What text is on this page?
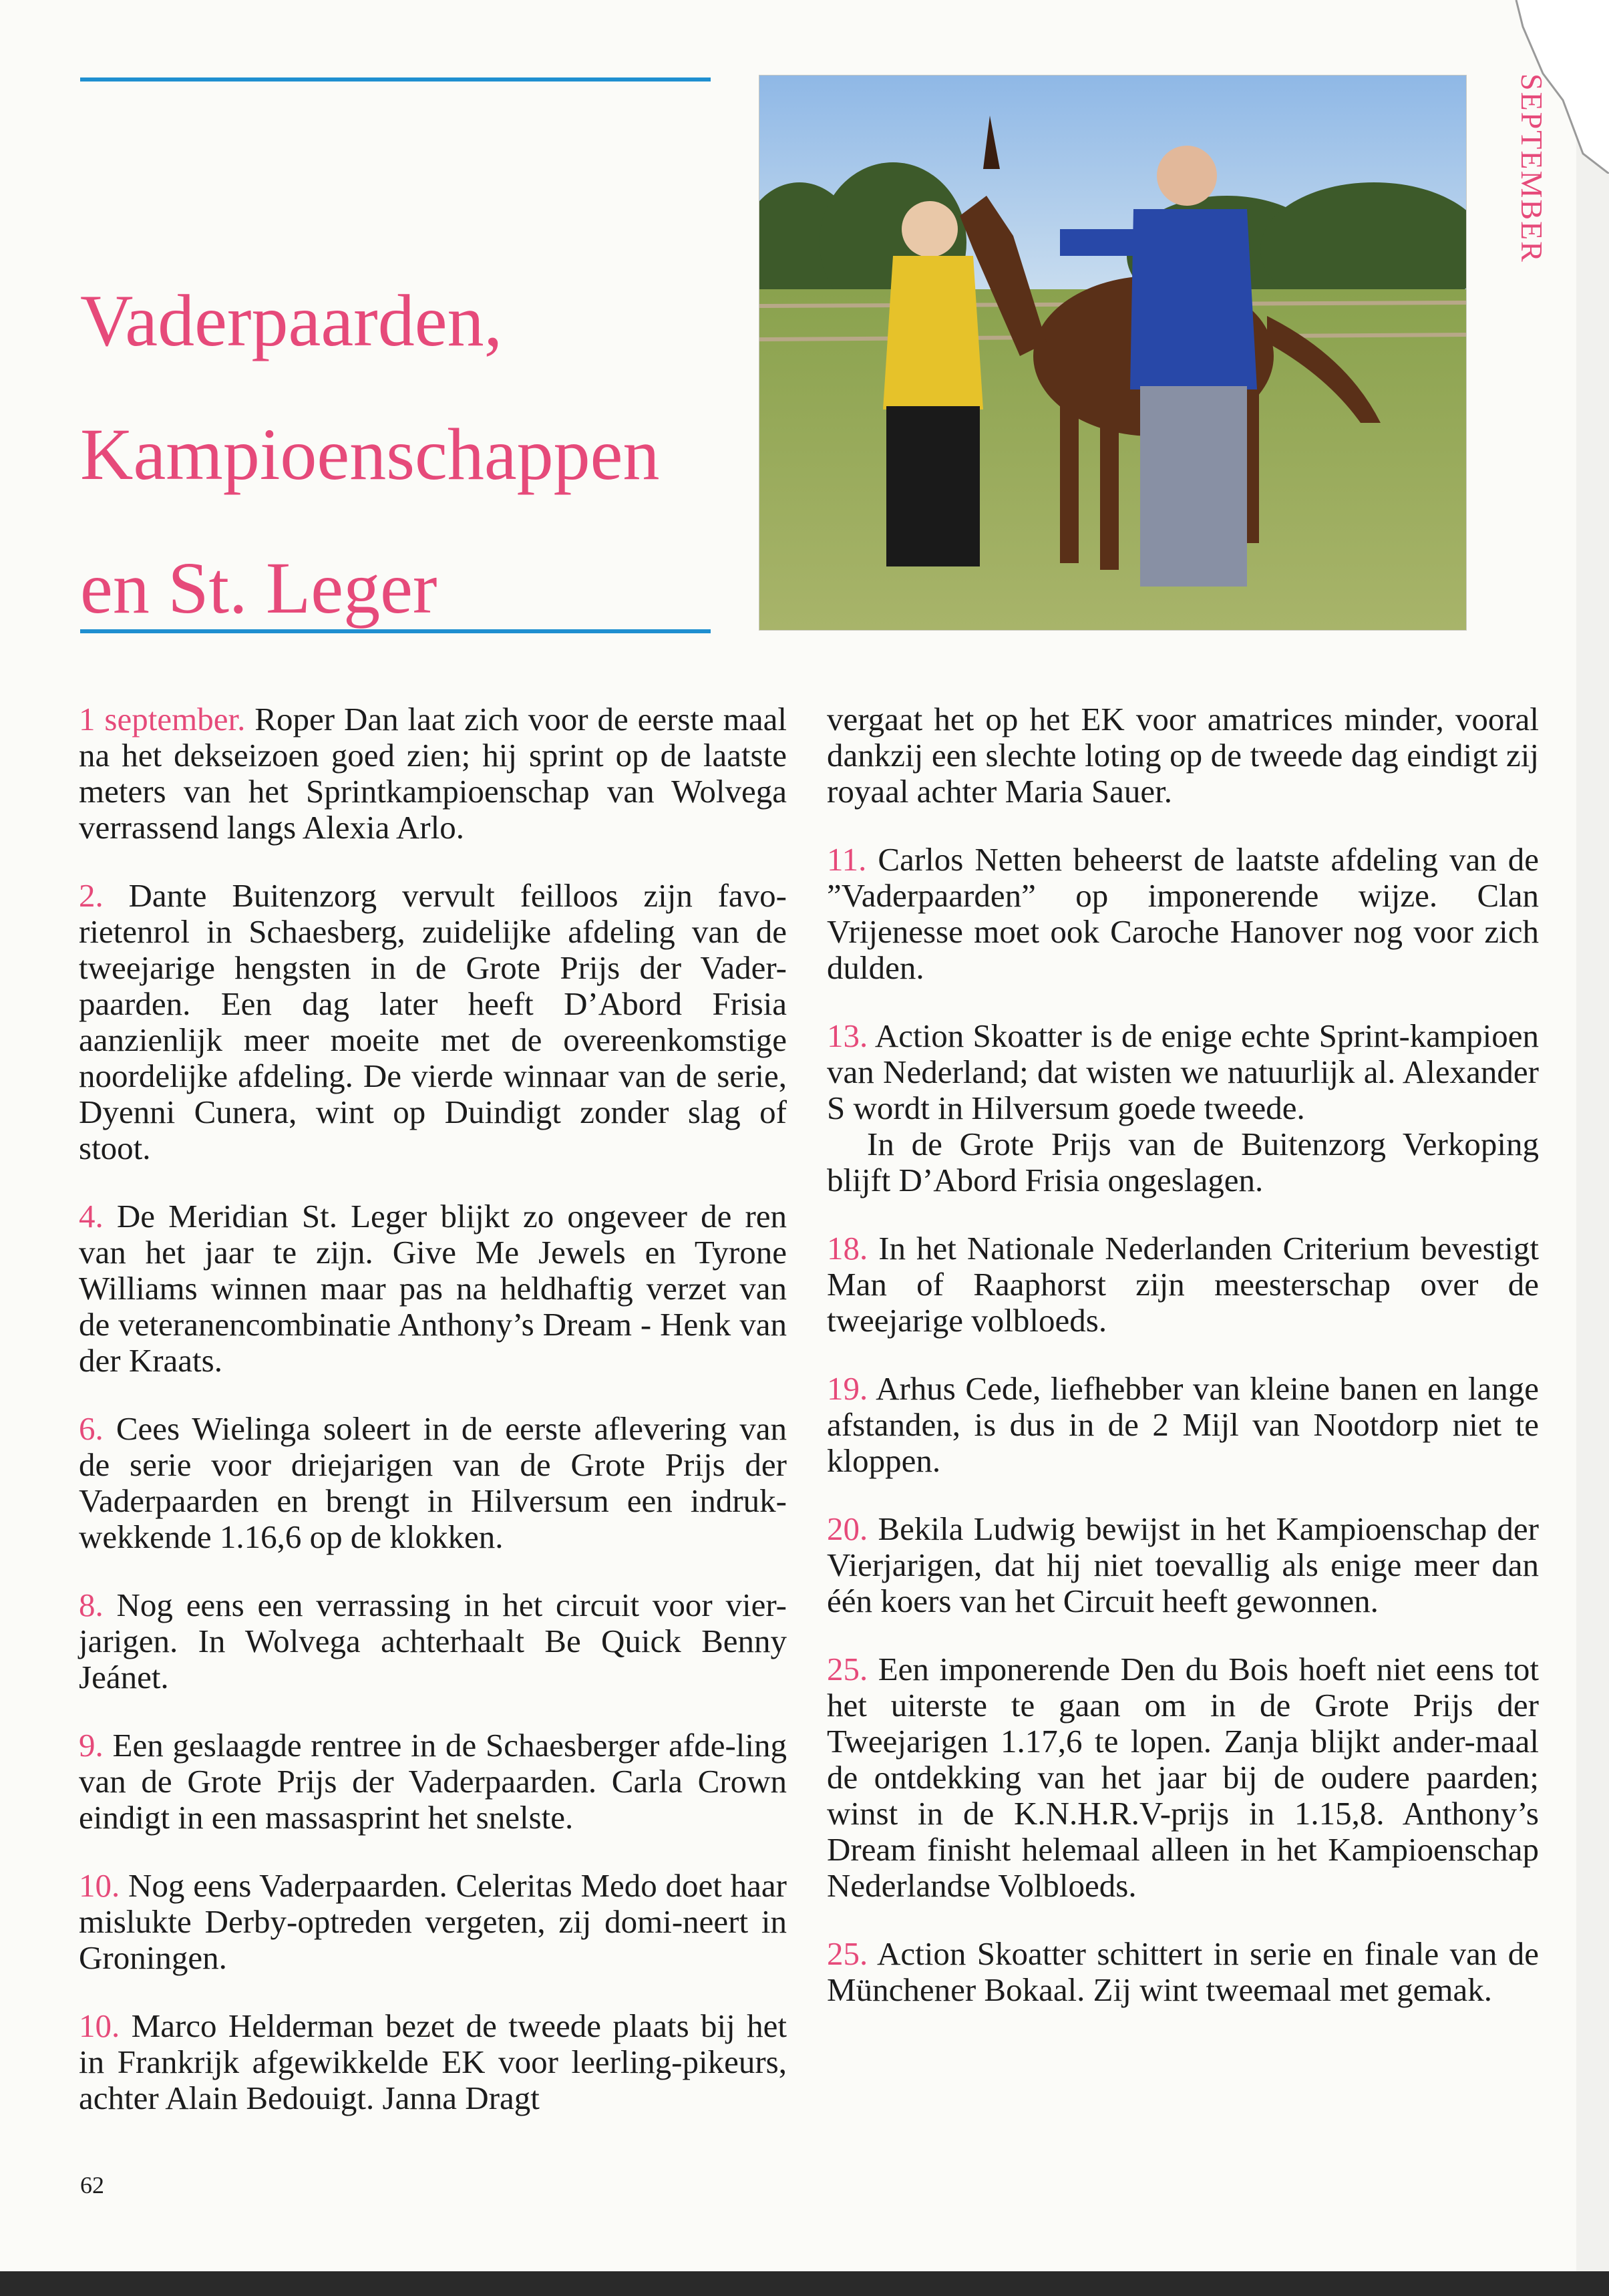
Vaderpaarden,
Kampioenschappen
en St. Leger
SEPTEMBER

1 september. Roper Dan laat zich voor de eerste maal na het dekseizoen goed zien; hij sprint op de laatste meters van het Sprintkampioenschap van Wolvega verrassend langs Alexia Arlo.

2. Dante Buitenzorg vervult feilloos zijn favo-rietenrol in Schaesberg, zuidelijke afdeling van de tweejarige hengsten in de Grote Prijs der Vader-paarden. Een dag later heeft D’Abord Frisia aanzienlijk meer moeite met de overeenkomstige noordelijke afdeling. De vierde winnaar van de serie, Dyenni Cunera, wint op Duindigt zonder slag of stoot.

4. De Meridian St. Leger blijkt zo ongeveer de ren van het jaar te zijn. Give Me Jewels en Tyrone Williams winnen maar pas na heldhaftig verzet van de veteranencombinatie Anthony’s Dream - Henk van der Kraats.

6. Cees Wielinga soleert in de eerste aflevering van de serie voor driejarigen van de Grote Prijs der Vaderpaarden en brengt in Hilversum een indruk-wekkende 1.16,6 op de klokken.

8. Nog eens een verrassing in het circuit voor vier-jarigen. In Wolvega achterhaalt Be Quick Benny Jeánet.

9. Een geslaagde rentree in de Schaesberger afde-ling van de Grote Prijs der Vaderpaarden. Carla Crown eindigt in een massasprint het snelste.

10. Nog eens Vaderpaarden. Celeritas Medo doet haar mislukte Derby-optreden vergeten, zij domi-neert in Groningen.

10. Marco Helderman bezet de tweede plaats bij het in Frankrijk afgewikkelde EK voor leerling-pikeurs, achter Alain Bedouigt. Janna Dragt

vergaat het op het EK voor amatrices minder, vooral dankzij een slechte loting op de tweede dag eindigt zij royaal achter Maria Sauer.

11. Carlos Netten beheerst de laatste afdeling van de ”Vaderpaarden” op imponerende wijze. Clan Vrijenesse moet ook Caroche Hanover nog voor zich dulden.

13. Action Skoatter is de enige echte Sprint-kampioen van Nederland; dat wisten we natuurlijk al. Alexander S wordt in Hilversum goede tweede.

In de Grote Prijs van de Buitenzorg Verkoping blijft D’Abord Frisia ongeslagen.

18. In het Nationale Nederlanden Criterium bevestigt Man of Raaphorst zijn meesterschap over de tweejarige volbloeds.

19. Arhus Cede, liefhebber van kleine banen en lange afstanden, is dus in de 2 Mijl van Nootdorp niet te kloppen.

20. Bekila Ludwig bewijst in het Kampioenschap der Vierjarigen, dat hij niet toevallig als enige meer dan één koers van het Circuit heeft gewonnen.

25. Een imponerende Den du Bois hoeft niet eens tot het uiterste te gaan om in de Grote Prijs der Tweejarigen 1.17,6 te lopen. Zanja blijkt ander-maal de ontdekking van het jaar bij de oudere paarden; winst in de K.N.H.R.V-prijs in 1.15,8. Anthony’s Dream finisht helemaal alleen in het Kampioenschap Nederlandse Volbloeds.

25. Action Skoatter schittert in serie en finale van de Münchener Bokaal. Zij wint tweemaal met gemak.

62
